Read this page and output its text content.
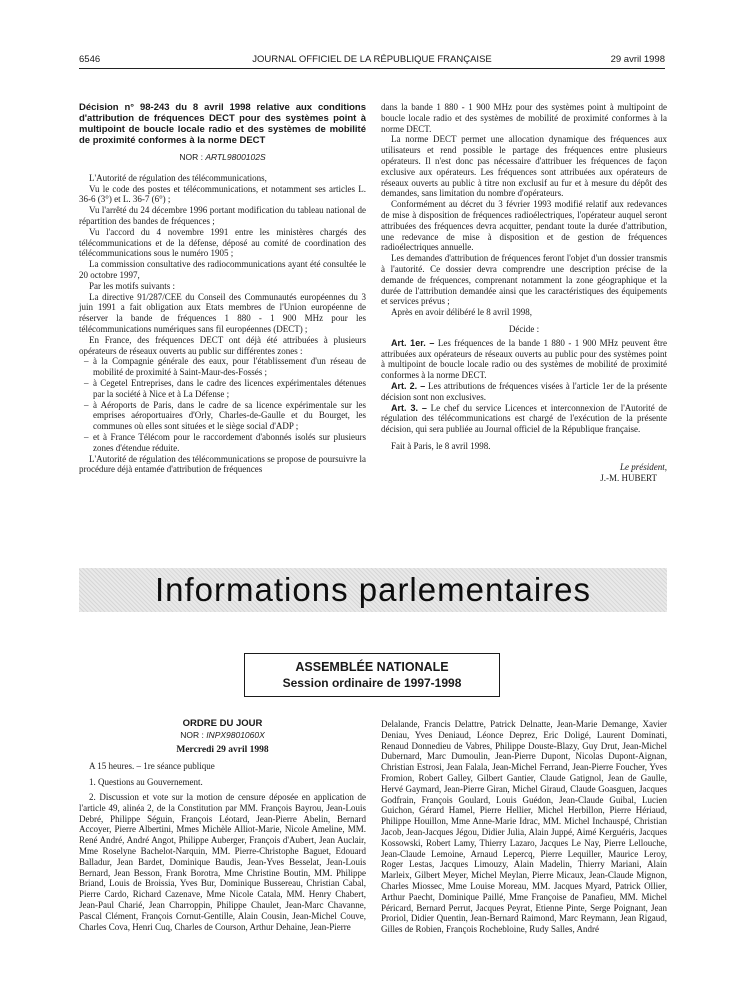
6546	JOURNAL OFFICIEL DE LA RÉPUBLIQUE FRANÇAISE	29 avril 1998

Décision n° 98-243 du 8 avril 1998 relative aux conditions d'attribution de fréquences DECT pour des systèmes point à multipoint de boucle locale radio et des systèmes de mobilité de proximité conformes à la norme DECT

NOR : ARTL9800102S

L'Autorité de régulation des télécommunications,

Vu le code des postes et télécommunications, et notamment ses articles L. 36-6 (3°) et L. 36-7 (6°) ;

Vu l'arrêté du 24 décembre 1996 portant modification du tableau national de répartition des bandes de fréquences ;

Vu l'accord du 4 novembre 1991 entre les ministères chargés des télécommunications et de la défense, déposé au comité de coordination des télécommunications sous le numéro 1905 ;

La commission consultative des radiocommunications ayant été consultée le 20 octobre 1997,

Par les motifs suivants :

La directive 91/287/CEE du Conseil des Communautés européennes du 3 juin 1991 a fait obligation aux Etats membres de l'Union européenne de réserver la bande de fréquences 1 880 - 1 900 MHz pour les télécommunications numériques sans fil européennes (DECT) ;

En France, des fréquences DECT ont déjà été attribuées à plusieurs opérateurs de réseaux ouverts au public sur différentes zones :

– à la Compagnie générale des eaux, pour l'établissement d'un réseau de mobilité de proximité à Saint-Maur-des-Fossés ;

– à Cegetel Entreprises, dans le cadre des licences expérimentales détenues par la société à Nice et à La Défense ;

– à Aéroports de Paris, dans le cadre de sa licence expérimentale sur les emprises aéroportuaires d'Orly, Charles-de-Gaulle et du Bourget, les communes où elles sont situées et le siège social d'ADP ;

– et à France Télécom pour le raccordement d'abonnés isolés sur plusieurs zones d'étendue réduite.

L'Autorité de régulation des télécommunications se propose de poursuivre la procédure déjà entamée d'attribution de fréquences

dans la bande 1 880 - 1 900 MHz pour des systèmes point à multipoint de boucle locale radio et des systèmes de mobilité de proximité conformes à la norme DECT.

La norme DECT permet une allocation dynamique des fréquences aux utilisateurs et rend possible le partage des fréquences entre plusieurs opérateurs. Il n'est donc pas nécessaire d'attribuer les fréquences de façon exclusive aux opérateurs. Les fréquences sont attribuées aux opérateurs de réseaux ouverts au public à titre non exclusif au fur et à mesure du dépôt des demandes, sans limitation du nombre d'opérateurs.

Conformément au décret du 3 février 1993 modifié relatif aux redevances de mise à disposition de fréquences radioélectriques, l'opérateur auquel seront attribuées des fréquences devra acquitter, pendant toute la durée d'attribution, une redevance de mise à disposition et de gestion de fréquences radioélectriques annuelle.

Les demandes d'attribution de fréquences feront l'objet d'un dossier transmis à l'autorité. Ce dossier devra comprendre une description précise de la demande de fréquences, comprenant notamment la zone géographique et la durée de l'attribution demandée ainsi que les caractéristiques des équipements et services prévus ;

Après en avoir délibéré le 8 avril 1998,

Décide :

Art. 1er. – Les fréquences de la bande 1 880 - 1 900 MHz peuvent être attribuées aux opérateurs de réseaux ouverts au public pour des systèmes point à multipoint de boucle locale radio ou des systèmes de mobilité de proximité conformes à la norme DECT.

Art. 2. – Les attributions de fréquences visées à l'article 1er de la présente décision sont non exclusives.

Art. 3. – Le chef du service Licences et interconnexion de l'Autorité de régulation des télécommunications est chargé de l'exécution de la présente décision, qui sera publiée au Journal officiel de la République française.

Fait à Paris, le 8 avril 1998.

Le président,

J.-M. HUBERT

Informations parlementaires
ASSEMBLÉE NATIONALE
Session ordinaire de 1997-1998

ORDRE DU JOUR

NOR : INPX9801060X

Mercredi 29 avril 1998

A 15 heures. – 1re séance publique

1. Questions au Gouvernement.

2. Discussion et vote sur la motion de censure déposée en application de l'article 49, alinéa 2, de la Constitution par MM. François Bayrou, Jean-Louis Debré, Philippe Séguin, François Léotard, Jean-Pierre Abelin, Bernard Accoyer, Pierre Albertini, Mmes Michèle Alliot-Marie, Nicole Ameline, MM. René André, André Angot, Philippe Auberger, François d'Aubert, Jean Auclair, Mme Roselyne Bachelot-Narquin, MM. Pierre-Christophe Baguet, Edouard Balladur, Jean Bardet, Dominique Baudis, Jean-Yves Besselat, Jean-Louis Bernard, Jean Besson, Frank Borotra, Mme Christine Boutin, MM. Philippe Briand, Louis de Broissia, Yves Bur, Dominique Bussereau, Christian Cabal, Pierre Cardo, Richard Cazenave, Mme Nicole Catala, MM. Henry Chabert, Jean-Paul Charié, Jean Charroppin, Philippe Chaulet, Jean-Marc Chavanne, Pascal Clément, François Cornut-Gentille, Alain Cousin, Jean-Michel Couve, Charles Cova, Henri Cuq, Charles de Courson, Arthur Dehaine, Jean-Pierre

Delalande, Francis Delattre, Patrick Delnatte, Jean-Marie Demange, Xavier Deniau, Yves Deniaud, Léonce Deprez, Eric Doligé, Laurent Dominati, Renaud Donnedieu de Vabres, Philippe Douste-Blazy, Guy Drut, Jean-Michel Dubernard, Marc Dumoulin, Jean-Pierre Dupont, Nicolas Dupont-Aignan, Christian Estrosi, Jean Falala, Jean-Michel Ferrand, Jean-Pierre Foucher, Yves Fromion, Robert Galley, Gilbert Gantier, Claude Gatignol, Jean de Gaulle, Hervé Gaymard, Jean-Pierre Giran, Michel Giraud, Claude Goasguen, Jacques Godfrain, François Goulard, Louis Guédon, Jean-Claude Guibal, Lucien Guichon, Gérard Hamel, Pierre Hellier, Michel Herbillon, Pierre Hériaud, Philippe Houillon, Mme Anne-Marie Idrac, MM. Michel Inchauspé, Christian Jacob, Jean-Jacques Jégou, Didier Julia, Alain Juppé, Aimé Kerguéris, Jacques Kossowski, Robert Lamy, Thierry Lazaro, Jacques Le Nay, Pierre Lellouche, Jean-Claude Lemoine, Arnaud Lepercq, Pierre Lequiller, Maurice Leroy, Roger Lestas, Jacques Limouzy, Alain Madelin, Thierry Mariani, Alain Marleix, Gilbert Meyer, Michel Meylan, Pierre Micaux, Jean-Claude Mignon, Charles Miossec, Mme Louise Moreau, MM. Jacques Myard, Patrick Ollier, Arthur Paecht, Dominique Paillé, Mme Françoise de Panafieu, MM. Michel Péricard, Bernard Perrut, Jacques Peyrat, Etienne Pinte, Serge Poignant, Jean Proriol, Didier Quentin, Jean-Bernard Raimond, Marc Reymann, Jean Rigaud, Gilles de Robien, François Rochebloine, Rudy Salles, André
